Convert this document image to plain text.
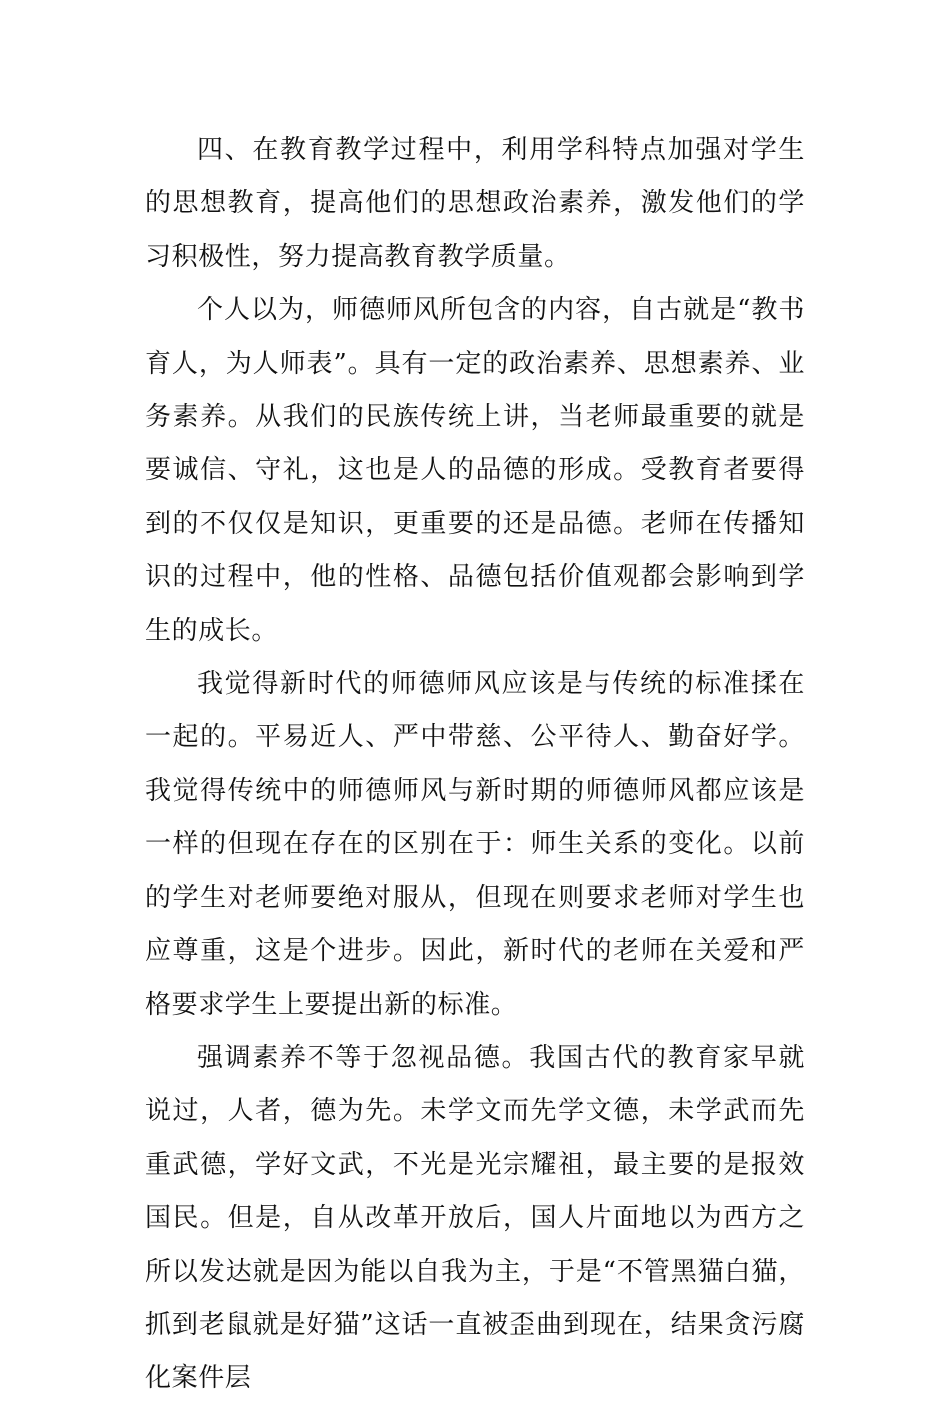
四、在教育教学过程中，利用学科特点加强对学生的思想教育，提高他们的思想政治素养，激发他们的学习积极性，努力提高教育教学质量。

个人以为，师德师风所包含的内容，自古就是“教书育人，为人师表”。具有一定的政治素养、思想素养、业务素养。从我们的民族传统上讲，当老师最重要的就是要诚信、守礼，这也是人的品德的形成。受教育者要得到的不仅仅是知识，更重要的还是品德。老师在传播知识的过程中，他的性格、品德包括价值观都会影响到学生的成长。

我觉得新时代的师德师风应该是与传统的标准揉在一起的。平易近人、严中带慈、公平待人、勤奋好学。我觉得传统中的师德师风与新时期的师德师风都应该是一样的但现在存在的区别在于：师生关系的变化。以前的学生对老师要绝对服从，但现在则要求老师对学生也应尊重，这是个进步。因此，新时代的老师在关爱和严格要求学生上要提出新的标准。

强调素养不等于忽视品德。我国古代的教育家早就说过，人者，德为先。未学文而先学文德，未学武而先重武德，学好文武，不光是光宗耀祖，最主要的是报效国民。但是，自从改革开放后，国人片面地以为西方之所以发达就是因为能以自我为主，于是“不管黑猫白猫，抓到老鼠就是好猫”这话一直被歪曲到现在，结果贪污腐化案件层
